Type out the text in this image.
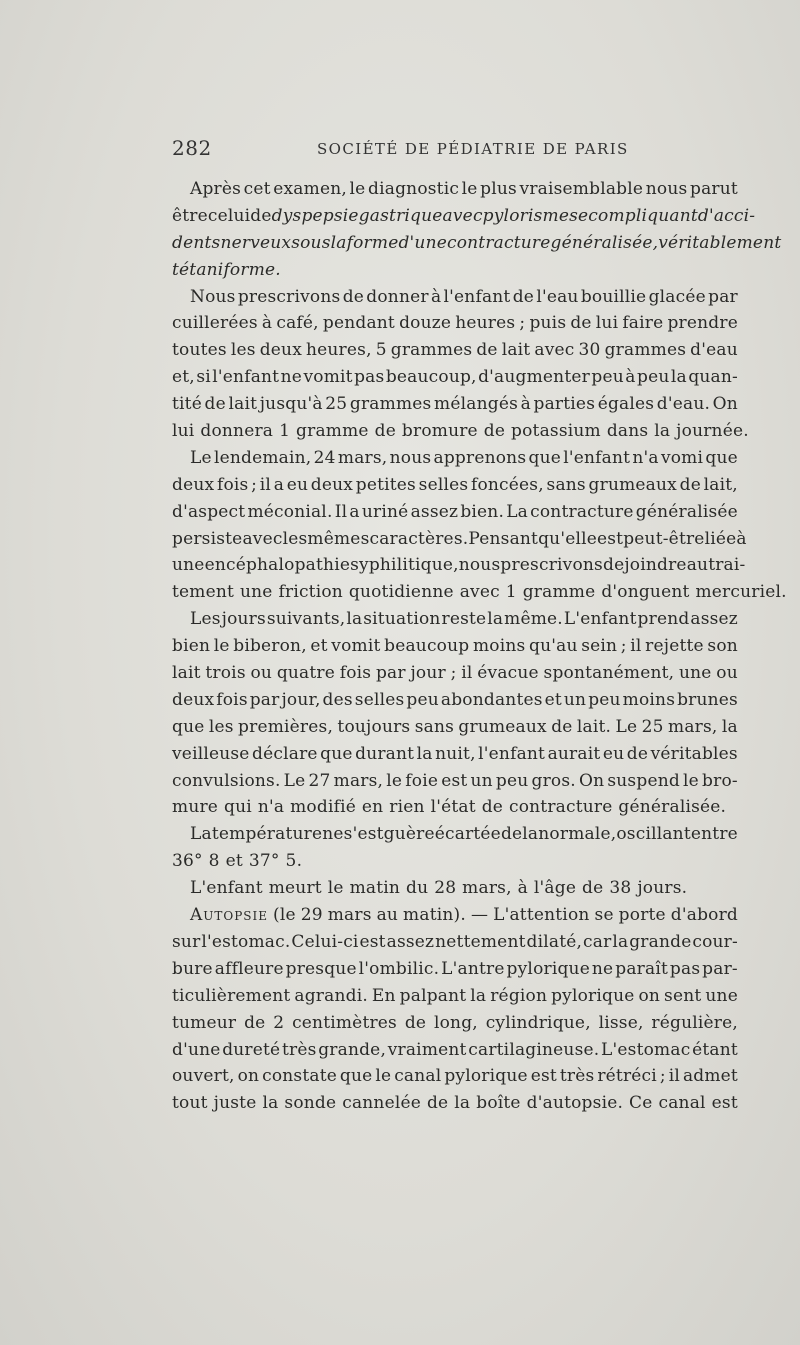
282	SOCIÉTÉ DE PÉDIATRIE DE PARIS
Après cet examen, le diagnostic le plus vraisemblable nous parut
être celui de dyspepsie gastrique avec pylorisme se compliquant d'acci-
dents nerveux sous la forme d'une contracture généralisée, véritablement
tétaniforme.
Nous prescrivons de donner à l'enfant de l'eau bouillie glacée par
cuillerées à café, pendant douze heures ; puis de lui faire prendre
toutes les deux heures, 5 grammes de lait avec 30 grammes d'eau
et, si l'enfant ne vomit pas beaucoup, d'augmenter peu à peu la quan-
tité de lait jusqu'à 25 grammes mélangés à parties égales d'eau. On
lui donnera 1 gramme de bromure de potassium dans la journée.
Le lendemain, 24 mars, nous apprenons que l'enfant n'a vomi que
deux fois ; il a eu deux petites selles foncées, sans grumeaux de lait,
d'aspect méconial. Il a uriné assez bien. La contracture généralisée
persiste avec les mêmes caractères. Pensant qu'elle est peut-être liée à
une encéphalopathie syphilitique,nous prescrivons de joindre au trai-
tement une friction quotidienne avec 1 gramme d'onguent mercuriel.
Les jours suivants, la situation reste la même. L'enfant prend assez
bien le biberon, et vomit beaucoup moins qu'au sein ; il rejette son
lait trois ou quatre fois par jour ; il évacue spontanément, une ou
deux fois par jour, des selles peu abondantes et un peu moins brunes
que les premières, toujours sans grumeaux de lait. Le 25 mars, la
veilleuse déclare que durant la nuit, l'enfant aurait eu de véritables
convulsions. Le 27 mars, le foie est un peu gros. On suspend le bro-
mure qui n'a modifié en rien l'état de contracture généralisée.
La température ne s'est guère écartée de la normale, oscillant entre
36° 8 et 37° 5.
L'enfant meurt le matin du 28 mars, à l'âge de 38 jours.
Autopsie (le 29 mars au matin). — L'attention se porte d'abord
sur l'estomac. Celui-ci est assez nettement dilaté, car la grande cour-
bure affleure presque l'ombilic. L'antre pylorique ne paraît pas par-
ticulièrement agrandi. En palpant la région pylorique on sent une
tumeur de 2 centimètres de long, cylindrique, lisse, régulière,
d'une dureté très grande, vraiment cartilagineuse. L'estomac étant
ouvert, on constate que le canal pylorique est très rétréci ; il admet
tout juste la sonde cannelée de la boîte d'autopsie. Ce canal est
